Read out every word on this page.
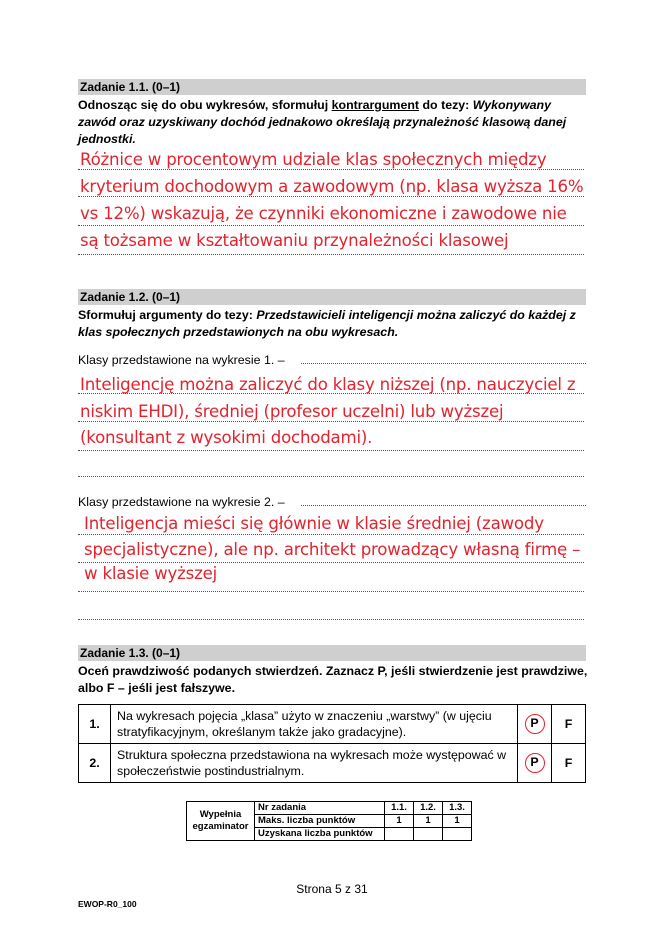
Zadanie 1.1. (0–1)
Odnosząc się do obu wykresów, sformułuj kontrargument do tezy: Wykonywany zawód oraz uzyskiwany dochód jednakowo określają przynależność klasową danej jednostki.
Różnice w procentowym udziale klas społecznych między
kryterium dochodowym a zawodowym (np. klasa wyższa 16%
vs 12%) wskazują, że czynniki ekonomiczne i zawodowe nie
są tożsame w kształtowaniu przynależności klasowej
Zadanie 1.2. (0–1)
Sformułuj argumenty do tezy: Przedstawicieli inteligencji można zaliczyć do każdej z klas społecznych przedstawionych na obu wykresach.
Klasy przedstawione na wykresie 1. –
Inteligencję można zaliczyć do klasy niższej (np. nauczyciel z
niskim EHDI), średniej (profesor uczelni) lub wyższej
(konsultant z wysokimi dochodami).
Klasy przedstawione na wykresie 2. –
Inteligencja mieści się głównie w klasie średniej (zawody
specjalistyczne), ale np. architekt prowadzący własną firmę –
w klasie wyższej
Zadanie 1.3. (0–1)
Oceń prawdziwość podanych stwierdzeń. Zaznacz P, jeśli stwierdzenie jest prawdziwe, albo F – jeśli jest fałszywe.
1.	Na wykresach pojęcia „klasa” użyto w znaczeniu „warstwy” (w ujęciu stratyfikacyjnym, określanym także jako gradacyjne).	P	F
2.	Struktura społeczna przedstawiona na wykresach może występować w społeczeństwie postindustrialnym.	P	F
Wypełnia egzaminator	Nr zadania	1.1.	1.2.	1.3.
	Maks. liczba punktów	1	1	1
	Uzyskana liczba punktów			
Strona 5 z 31
EWOP-R0_100
